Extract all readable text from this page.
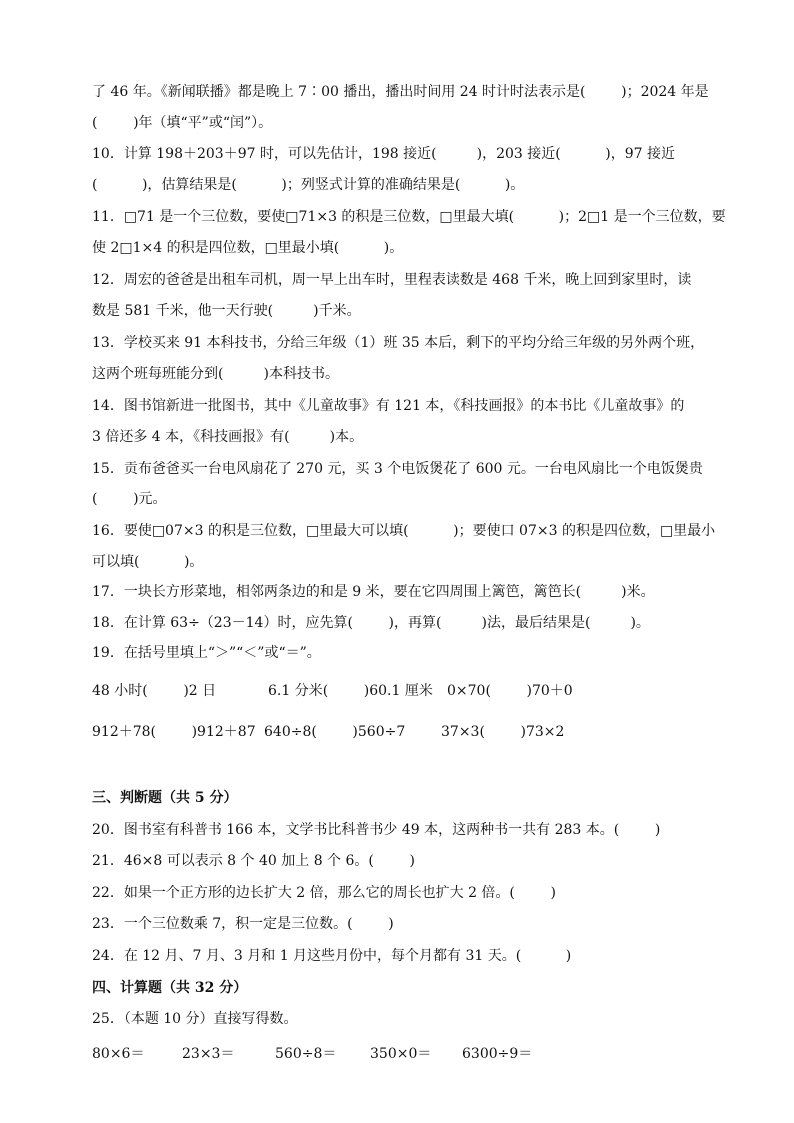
了 46 年。《新闻联播》都是晚上 7∶00 播出，播出时间用 24 时计时法表示是(        )；2024 年是
(        )年（填“平”或“闰”）。
10．计算 198＋203＋97 时，可以先估计，198 接近(         )，203 接近(          )，97 接近
(          )，估算结果是(          )；列竖式计算的准确结果是(          )。
11．□71 是一个三位数，要使□71×3 的积是三位数，□里最大填(          )；2□1 是一个三位数，要
使 2□1×4 的积是四位数，□里最小填(          )。
12．周宏的爸爸是出租车司机，周一早上出车时，里程表读数是 468 千米，晚上回到家里时，读
数是 581 千米，他一天行驶(         )千米。
13．学校买来 91 本科技书，分给三年级（1）班 35 本后，剩下的平均分给三年级的另外两个班，
这两个班每班能分到(         )本科技书。
14．图书馆新进一批图书，其中《儿童故事》有 121 本，《科技画报》的本书比《儿童故事》的
3 倍还多 4 本，《科技画报》有(         )本。
15．贡布爸爸买一台电风扇花了 270 元，买 3 个电饭煲花了 600 元。一台电风扇比一个电饭煲贵
(        )元。
16．要使□07×3 的积是三位数，□里最大可以填(          )；要使口 07×3 的积是四位数，□里最小
可以填(          )。
17．一块长方形菜地，相邻两条边的和是 9 米，要在它四周围上篱笆，篱笆长(         )米。
18．在计算 63÷（23－14）时，应先算(        )，再算(         )法，最后结果是(         )。
19．在括号里填上“＞”“＜”或“＝”。
48 小时(        )2 日	6.1 分米(        )60.1 厘米 0×70(        )70＋0
912＋78(        )912＋87 640÷8(        )560÷7	37×3(        )73×2
三、判断题（共 5 分）
20．图书室有科普书 166 本，文学书比科普书少 49 本，这两种书一共有 283 本。(        )
21．46×8 可以表示 8 个 40 加上 8 个 6。(        )
22．如果一个正方形的边长扩大 2 倍，那么它的周长也扩大 2 倍。(        )
23．一个三位数乘 7，积一定是三位数。(        )
24．在 12 月、7 月、3 月和 1 月这些月份中，每个月都有 31 天。(          )
四、计算题（共 32 分）
25．（本题 10 分）直接写得数。
80×6＝	23×3＝	560÷8＝ 350×0＝ 6300÷9＝
